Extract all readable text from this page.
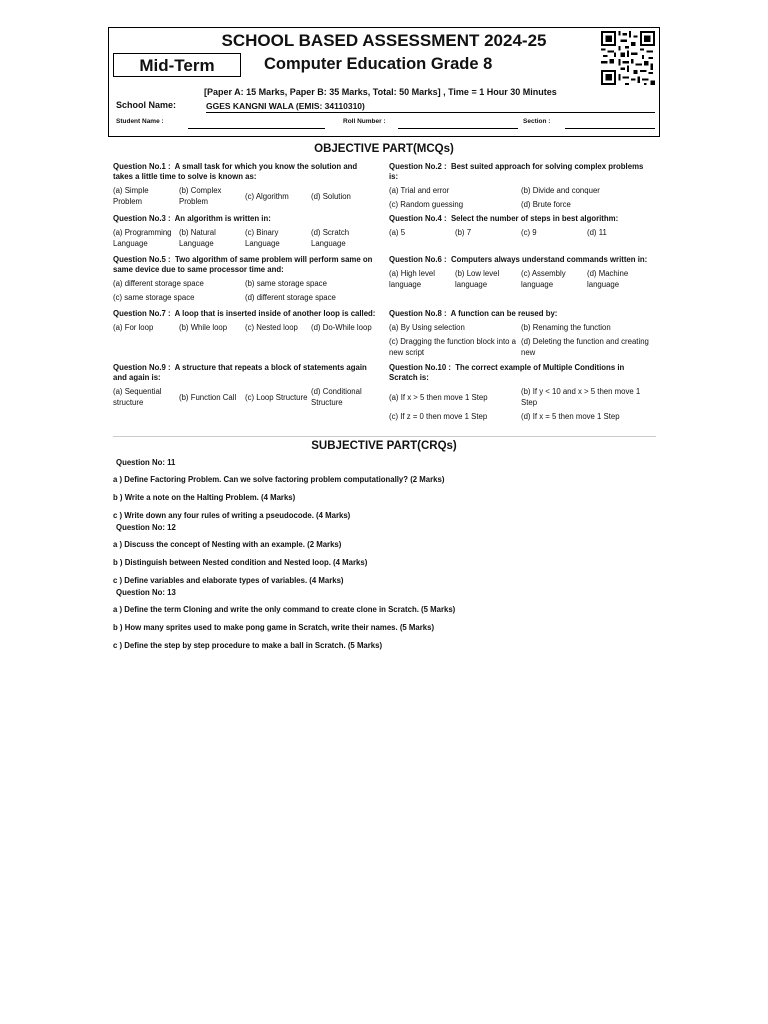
SCHOOL BASED ASSESSMENT 2024-25
Mid-Term	Computer Education Grade 8
[Paper A: 15 Marks, Paper B: 35 Marks, Total: 50 Marks] , Time = 1 Hour 30 Minutes
School Name:	GGES KANGNI WALA (EMIS: 34110310)
Student Name :	Roll Number :	Section :
OBJECTIVE PART(MCQs)
Question No.1 : A small task for which you know the solution and takes a little time to solve is known as:
(a) Simple Problem
(b) Complex Problem
(c) Algorithm	(d) Solution
Question No.2 : Best suited approach for solving complex problems is:
(a) Trial and error	(b) Divide and conquer
(c) Random guessing	(d) Brute force
Question No.3 : An algorithm is written in:
(a) Programming Language
(b) Natural Language
(c) Binary Language
(d) Scratch Language
Question No.4 : Select the number of steps in best algorithm:
(a) 5	(b) 7	(c) 9	(d) 11
Question No.5 : Two algorithm of same problem will perform same on same device due to same processor time and:
(a) different storage space	(b) same storage space
(c) same storage space	(d) different storage space
Question No.6 : Computers always understand commands written in:
(a) High level language
(b) Low level language
(c) Assembly language
(d) Machine language
Question No.7 : A loop that is inserted inside of another loop is called:
(a) For loop	(b) While loop	(c) Nested loop	(d) Do-While loop
Question No.8 : A function can be reused by:
(a) By Using selection	(b) Renaming the function
(c) Dragging the function block into a new script
(d) Deleting the function and creating new
Question No.9 : A structure that repeats a block of statements again and again is:
(a) Sequential structure
(b) Function Call	(c) Loop Structure
(d) Conditional Structure
Question No.10 : The correct example of Multiple Conditions in Scratch is:
(a) If x > 5 then move 1 Step
(b) If y < 10 and x > 5 then move 1 Step
(c) If z = 0 then move 1 Step	(d) If x = 5 then move 1 Step
SUBJECTIVE PART(CRQs)
Question No: 11
a ) Define Factoring Problem. Can we solve factoring problem computationally? (2 Marks)
b ) Write a note on the Halting Problem. (4 Marks)
c ) Write down any four rules of writing a pseudocode. (4 Marks)
Question No: 12
a ) Discuss the concept of Nesting with an example. (2 Marks)
b ) Distinguish between Nested condition and Nested loop. (4 Marks)
c ) Define variables and elaborate types of variables. (4 Marks)
Question No: 13
a ) Define the term Cloning and write the only command to create clone in Scratch. (5 Marks)
b ) How many sprites used to make pong game in Scratch, write their names. (5 Marks)
c ) Define the step by step procedure to make a ball in Scratch. (5 Marks)
